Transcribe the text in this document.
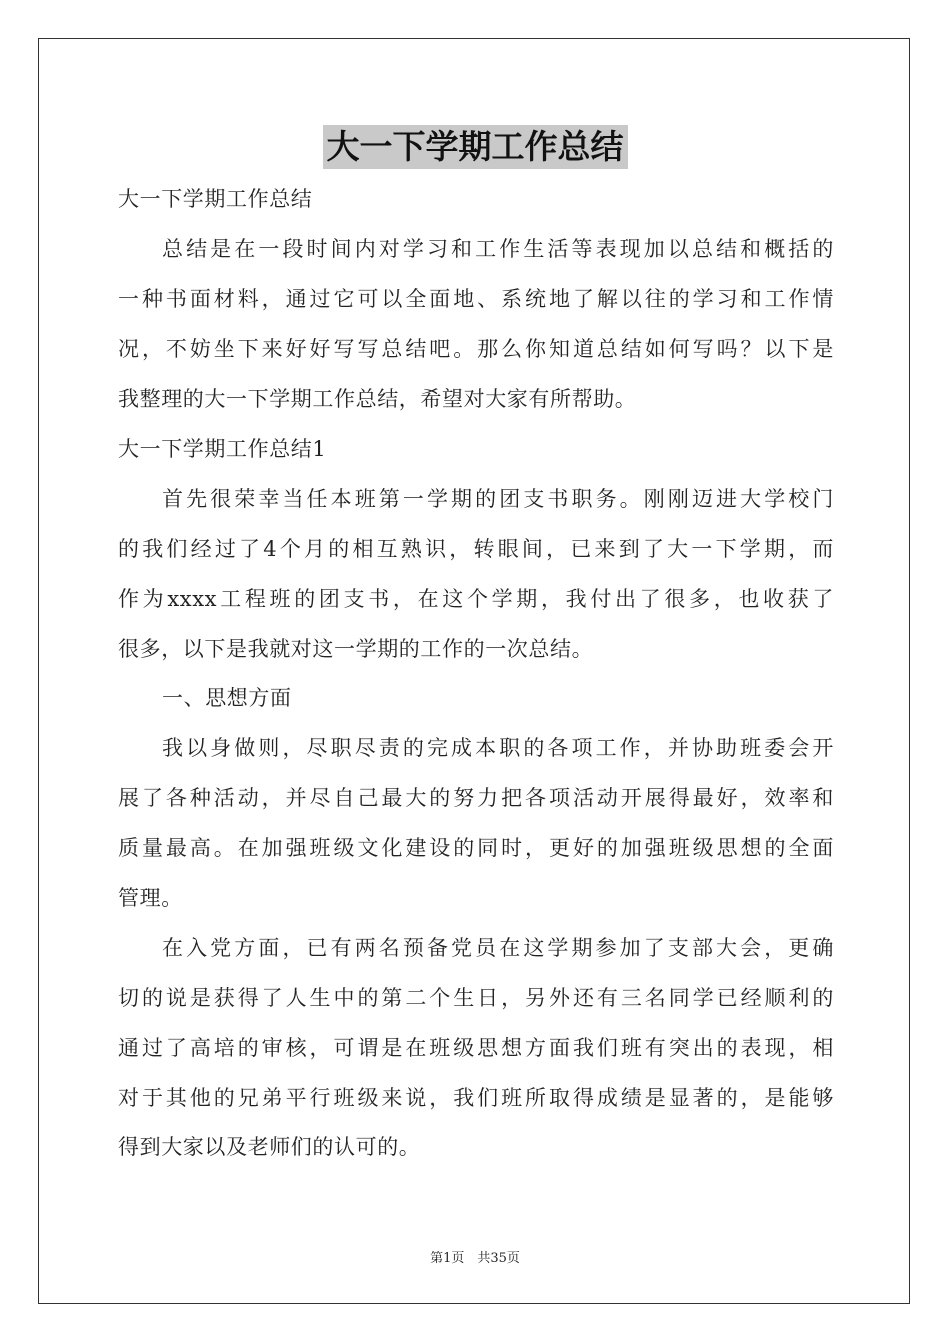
大一下学期工作总结
大一下学期工作总结
总结是在一段时间内对学习和工作生活等表现加以总结和概括的
一种书面材料，通过它可以全面地、系统地了解以往的学习和工作情
况，不妨坐下来好好写写总结吧。那么你知道总结如何写吗？以下是
我整理的大一下学期工作总结，希望对大家有所帮助。
大一下学期工作总结1
首先很荣幸当任本班第一学期的团支书职务。刚刚迈进大学校门
的我们经过了4个月的相互熟识，转眼间，已来到了大一下学期，而
作为xxxx工程班的团支书，在这个学期，我付出了很多，也收获了
很多，以下是我就对这一学期的工作的一次总结。
一、思想方面
我以身做则，尽职尽责的完成本职的各项工作，并协助班委会开
展了各种活动，并尽自己最大的努力把各项活动开展得最好，效率和
质量最高。在加强班级文化建设的同时，更好的加强班级思想的全面
管理。
在入党方面，已有两名预备党员在这学期参加了支部大会，更确
切的说是获得了人生中的第二个生日，另外还有三名同学已经顺利的
通过了高培的审核，可谓是在班级思想方面我们班有突出的表现，相
对于其他的兄弟平行班级来说，我们班所取得成绩是显著的，是能够
得到大家以及老师们的认可的。
第1页　共35页
